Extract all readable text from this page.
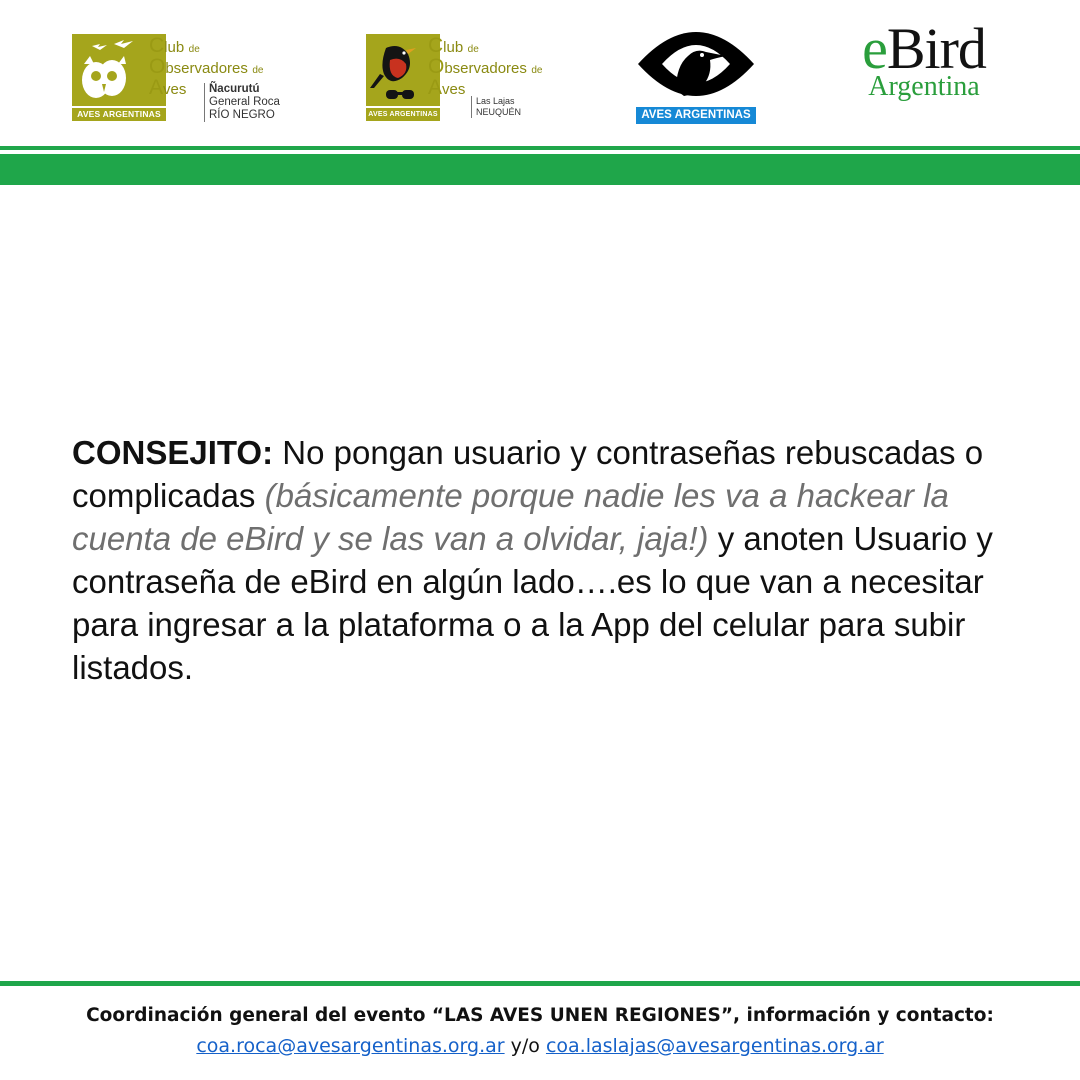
AVES ARGENTINAS
Club de
Observadores de
Aves	Ñacurutú
General Roca
RÍO NEGRO	AVES ARGENTINAS
Club de
Observadores de
Aves
Las Lajas
NEUQUÉN	AVES ARGENTINAS
eBird
Argentina
CONSEJITO: No pongan usuario y contraseñas rebuscadas o complicadas (básicamente porque nadie les va a hackear la cuenta de eBird y se las van a olvidar, jaja!) y anoten Usuario y contraseña de eBird en algún lado….es lo que van a necesitar para ingresar a la plataforma o a la App del celular para subir listados.
Coordinación general del evento “LAS AVES UNEN REGIONES”, información y contacto:
coa.roca@avesargentinas.org.ar y/o coa.laslajas@avesargentinas.org.ar
